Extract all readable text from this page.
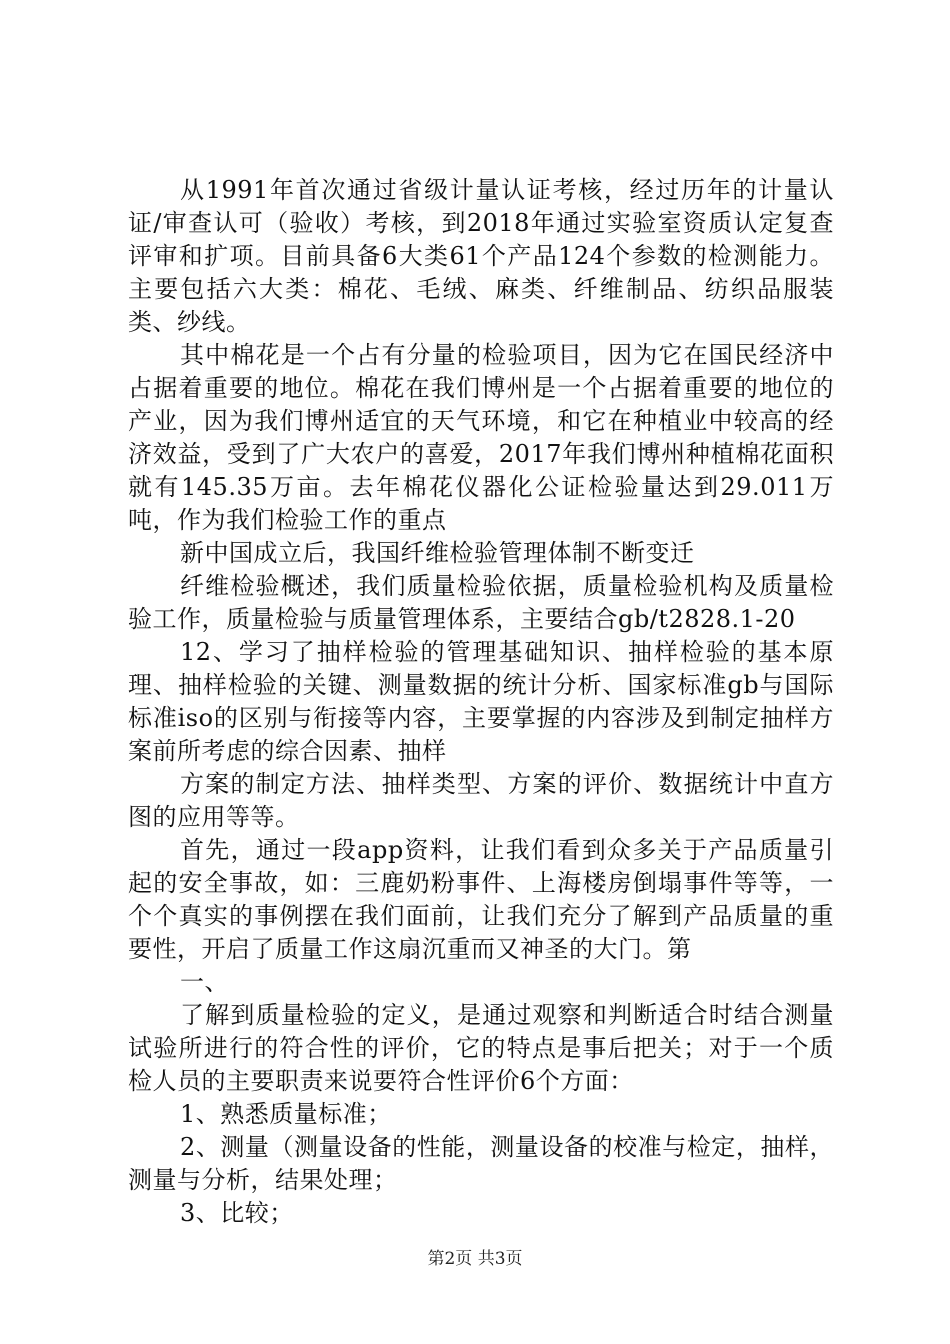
从1991年首次通过省级计量认证考核，经过历年的计量认证/审查认可（验收）考核，到2018年通过实验室资质认定复查评审和扩项。目前具备6大类61个产品124个参数的检测能力。主要包括六大类：棉花、毛绒、麻类、纤维制品、纺织品服装类、纱线。

其中棉花是一个占有分量的检验项目，因为它在国民经济中占据着重要的地位。棉花在我们博州是一个占据着重要的地位的产业，因为我们博州适宜的天气环境，和它在种植业中较高的经济效益，受到了广大农户的喜爱，2017年我们博州种植棉花面积就有145.35万亩。去年棉花仪器化公证检验量达到29.011万吨，作为我们检验工作的重点

新中国成立后，我国纤维检验管理体制不断变迁

纤维检验概述，我们质量检验依据，质量检验机构及质量检验工作，质量检验与质量管理体系，主要结合gb/t2828.1-20

12、学习了抽样检验的管理基础知识、抽样检验的基本原理、抽样检验的关键、测量数据的统计分析、国家标准gb与国际标准iso的区别与衔接等内容，主要掌握的内容涉及到制定抽样方案前所考虑的综合因素、抽样

方案的制定方法、抽样类型、方案的评价、数据统计中直方图的应用等等。

首先，通过一段app资料，让我们看到众多关于产品质量引起的安全事故，如：三鹿奶粉事件、上海楼房倒塌事件等等，一个个真实的事例摆在我们面前，让我们充分了解到产品质量的重要性，开启了质量工作这扇沉重而又神圣的大门。第

一、

了解到质量检验的定义，是通过观察和判断适合时结合测量试验所进行的符合性的评价，它的特点是事后把关；对于一个质检人员的主要职责来说要符合性评价6个方面：

1、熟悉质量标准；

2、测量（测量设备的性能，测量设备的校准与检定，抽样，测量与分析，结果处理；

3、比较；

第2页 共3页
